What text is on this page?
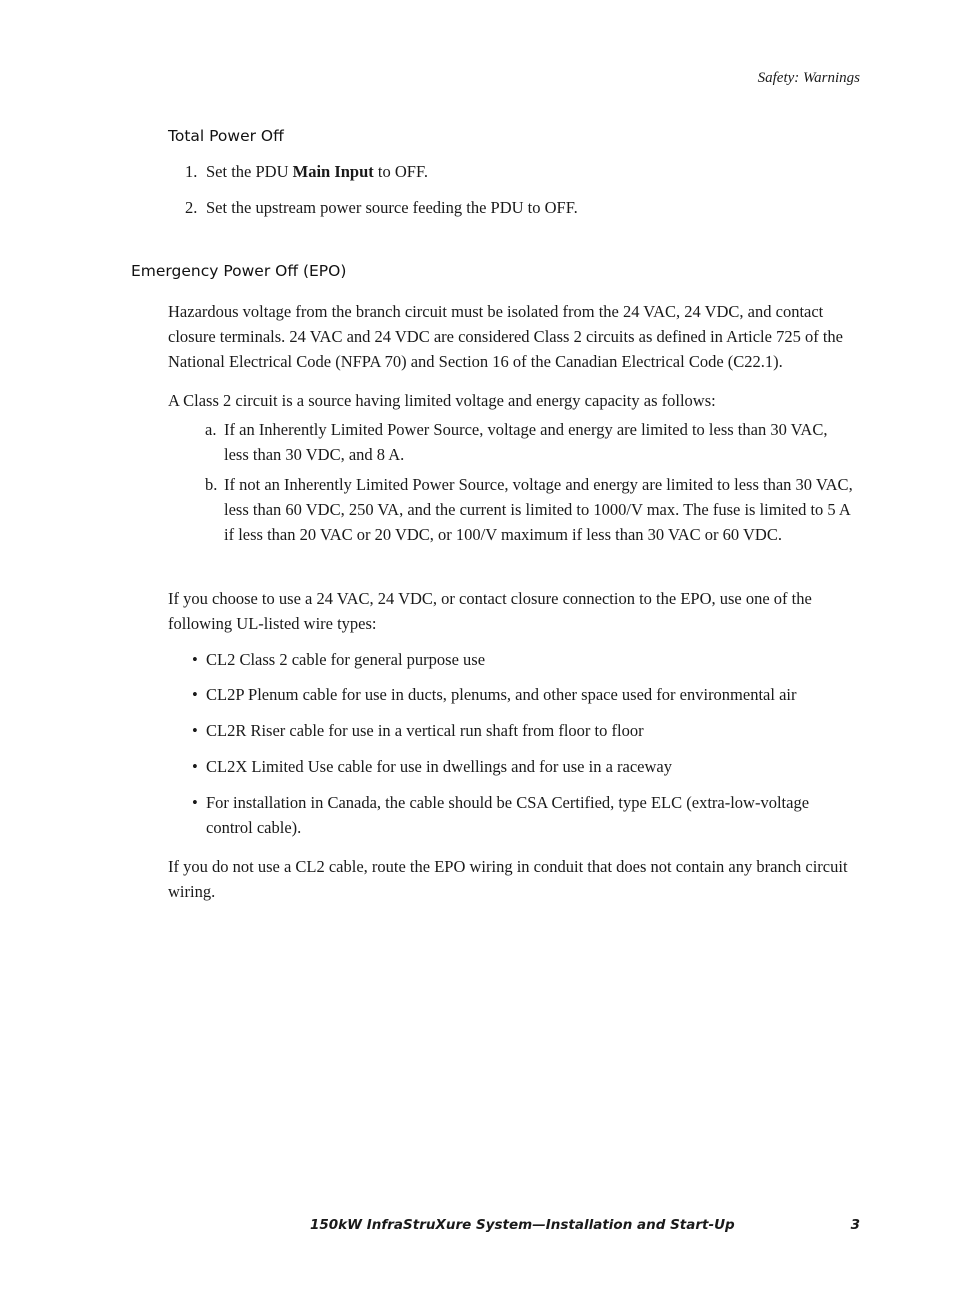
Safety: Warnings
Total Power Off
1. Set the PDU Main Input to OFF.
2. Set the upstream power source feeding the PDU to OFF.
Emergency Power Off (EPO)
Hazardous voltage from the branch circuit must be isolated from the 24 VAC, 24 VDC, and contact closure terminals. 24 VAC and 24 VDC are considered Class 2 circuits as defined in Article 725 of the National Electrical Code (NFPA 70) and Section 16 of the Canadian Electrical Code (C22.1).
A Class 2 circuit is a source having limited voltage and energy capacity as follows:
a. If an Inherently Limited Power Source, voltage and energy are limited to less than 30 VAC, less than 30 VDC, and 8 A.
b. If not an Inherently Limited Power Source, voltage and energy are limited to less than 30 VAC, less than 60 VDC, 250 VA, and the current is limited to 1000/V max. The fuse is limited to 5 A if less than 20 VAC or 20 VDC, or 100/V maximum if less than 30 VAC or 60 VDC.
If you choose to use a 24 VAC, 24 VDC, or contact closure connection to the EPO, use one of the following UL-listed wire types:
• CL2 Class 2 cable for general purpose use
• CL2P Plenum cable for use in ducts, plenums, and other space used for environmental air
• CL2R Riser cable for use in a vertical run shaft from floor to floor
• CL2X Limited Use cable for use in dwellings and for use in a raceway
• For installation in Canada, the cable should be CSA Certified, type ELC (extra-low-voltage control cable).
If you do not use a CL2 cable, route the EPO wiring in conduit that does not contain any branch circuit wiring.
150kW InfraStruXure System—Installation and Start-Up	3
